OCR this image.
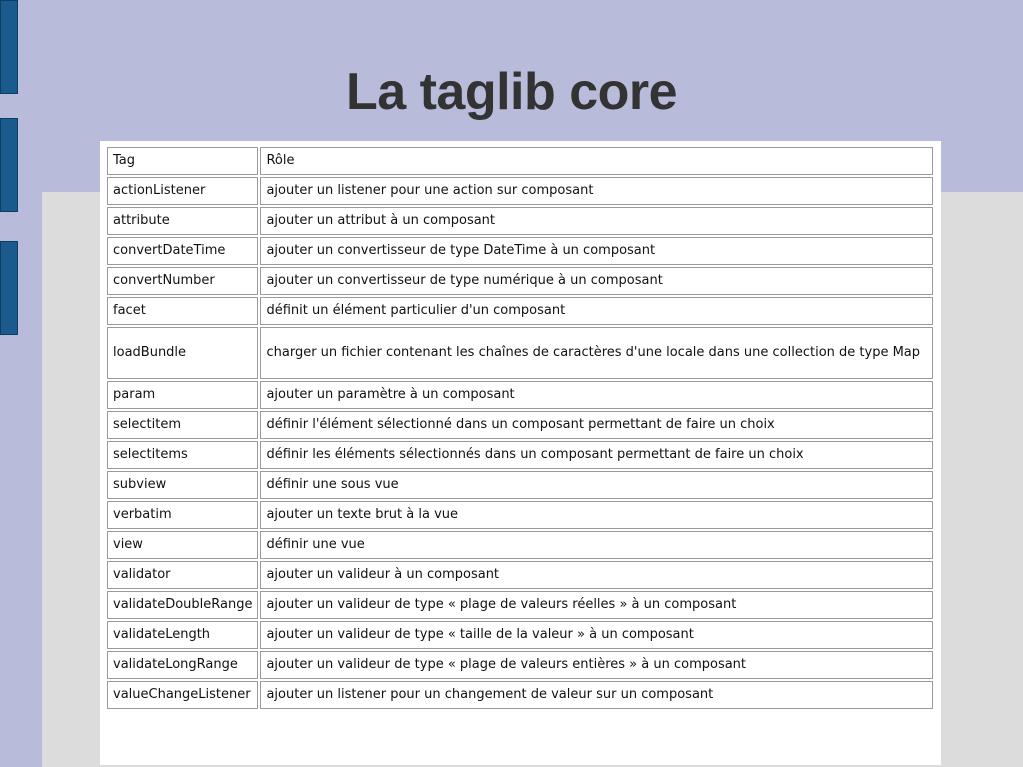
La taglib core
Tag	Rôle
actionListener	ajouter un listener pour une action sur composant
attribute	ajouter un attribut à un composant
convertDateTime	ajouter un convertisseur de type DateTime à un composant
convertNumber	ajouter un convertisseur de type numérique à un composant
facet	définit un élément particulier d'un composant
loadBundle	charger un fichier contenant les chaînes de caractères d'une locale dans une collection de type Map
param	ajouter un paramètre à un composant
selectitem	définir l'élément sélectionné dans un composant permettant de faire un choix
selectitems	définir les éléments sélectionnés dans un composant permettant de faire un choix
subview	définir une sous vue
verbatim	ajouter un texte brut à la vue
view	définir une vue
validator	ajouter un valideur à un composant
validateDoubleRange	ajouter un valideur de type « plage de valeurs réelles » à un composant
validateLength	ajouter un valideur de type « taille de la valeur » à un composant
validateLongRange	ajouter un valideur de type « plage de valeurs entières » à un composant
valueChangeListener	ajouter un listener pour un changement de valeur sur un composant
